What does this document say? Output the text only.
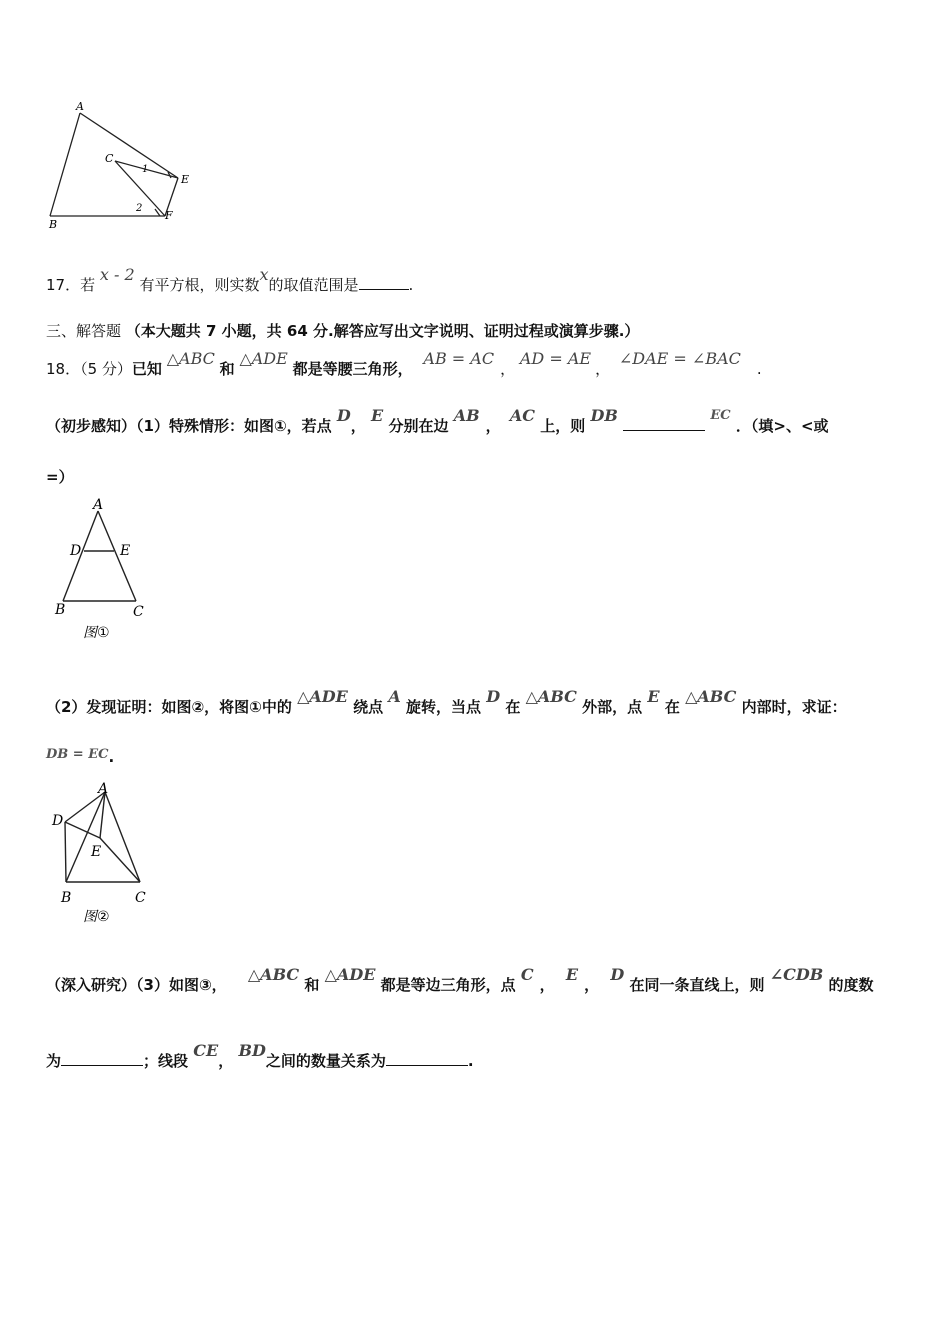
A
C
1
E
2
B
F
17．若 x - 2 有平方根，则实数x的取值范围是	.
三、解答题 （本大题共 7 小题，共 64 分.解答应写出文字说明、证明过程或演算步骤.）
18．（5 分）已知 △ABC 和 △ADE 都是等腰三角形， AB = AC， AD = AE， ∠DAE = ∠BAC.
（初步感知）（1）特殊情形：如图①，若点 D， E 分别在边 AB， AC 上，则 DB	EC ．（填>、<或
=）
A
D	E
B	C
图①
（2）发现证明：如图②，将图①中的 △ADE 绕点 A 旋转，当点 D 在 △ABC 外部，点 E 在 △ABC 内部时，求证：
DB = EC.
A
D
E
B	C
图②
（深入研究）（3）如图③， △ABC 和 △ADE 都是等边三角形，点 C， E， D 在同一条直线上，则 ∠CDB 的度数
为	；线段 CE， BD之间的数量关系为	.
